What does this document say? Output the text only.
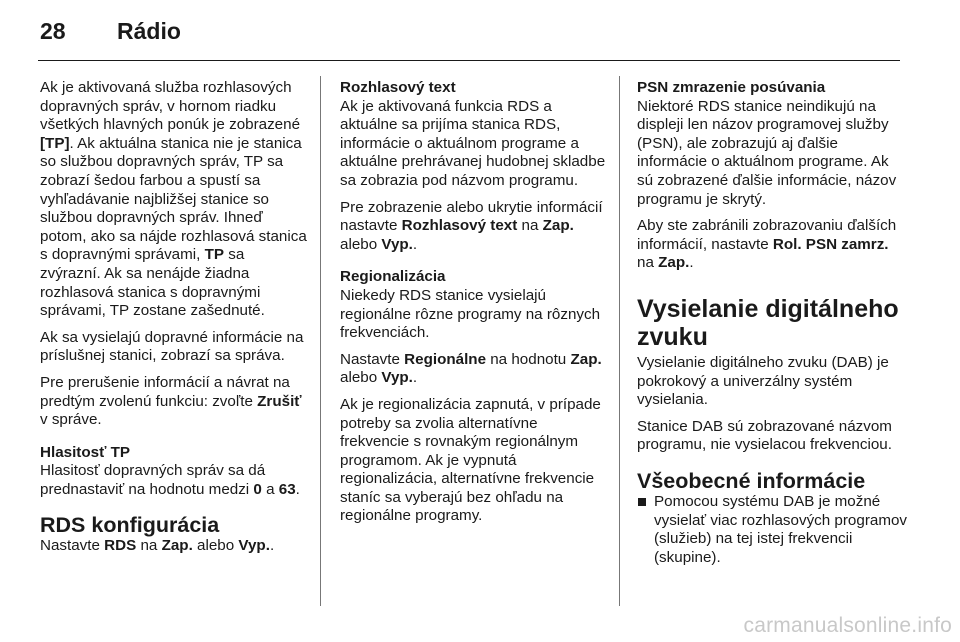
28 Rádio

Ak je aktivovaná služba rozhlasových dopravných správ, v hornom riadku všetkých hlavných ponúk je zobrazené [TP]. Ak aktuálna stanica nie je stanica so službou dopravných správ, TP sa zobrazí šedou farbou a spustí sa vyhľadávanie najbližšej stanice so službou dopravných správ. Ihneď potom, ako sa nájde rozhlasová stanica s dopravnými správami, TP sa zvýrazní. Ak sa nenájde žiadna rozhlasová stanica s dopravnými správami, TP zostane zašednuté.

Ak sa vysielajú dopravné informácie na príslušnej stanici, zobrazí sa správa.

Pre prerušenie informácií a návrat na predtým zvolenú funkciu: zvoľte Zrušiť v správe.

Hlasitosť TP

Hlasitosť dopravných správ sa dá prednastaviť na hodnotu medzi 0 a 63.

RDS konfigurácia

Nastavte RDS na Zap. alebo Vyp..

Rozhlasový text

Ak je aktivovaná funkcia RDS a aktuálne sa prijíma stanica RDS, informácie o aktuálnom programe a aktuálne prehrávanej hudobnej skladbe sa zobrazia pod názvom programu.

Pre zobrazenie alebo ukrytie informácií nastavte Rozhlasový text na Zap. alebo Vyp..

Regionalizácia

Niekedy RDS stanice vysielajú regionálne rôzne programy na rôznych frekvenciách.

Nastavte Regionálne na hodnotu Zap. alebo Vyp..

Ak je regionalizácia zapnutá, v prípade potreby sa zvolia alternatívne frekvencie s rovnakým regionálnym programom. Ak je vypnutá regionalizácia, alternatívne frekvencie staníc sa vyberajú bez ohľadu na regionálne programy.

PSN zmrazenie posúvania

Niektoré RDS stanice neindikujú na displeji len názov programovej služby (PSN), ale zobrazujú aj ďalšie informácie o aktuálnom programe. Ak sú zobrazené ďalšie informácie, názov programu je skrytý.

Aby ste zabránili zobrazovaniu ďalších informácií, nastavte Rol. PSN zamrz. na Zap..

Vysielanie digitálneho zvuku

Vysielanie digitálneho zvuku (DAB) je pokrokový a univerzálny systém vysielania.

Stanice DAB sú zobrazované názvom programu, nie vysielacou frekvenciou.

Všeobecné informácie
Pomocou systému DAB je možné vysielať viac rozhlasových programov (služieb) na tej istej frekvencii (skupine).
carmanualsonline.info
